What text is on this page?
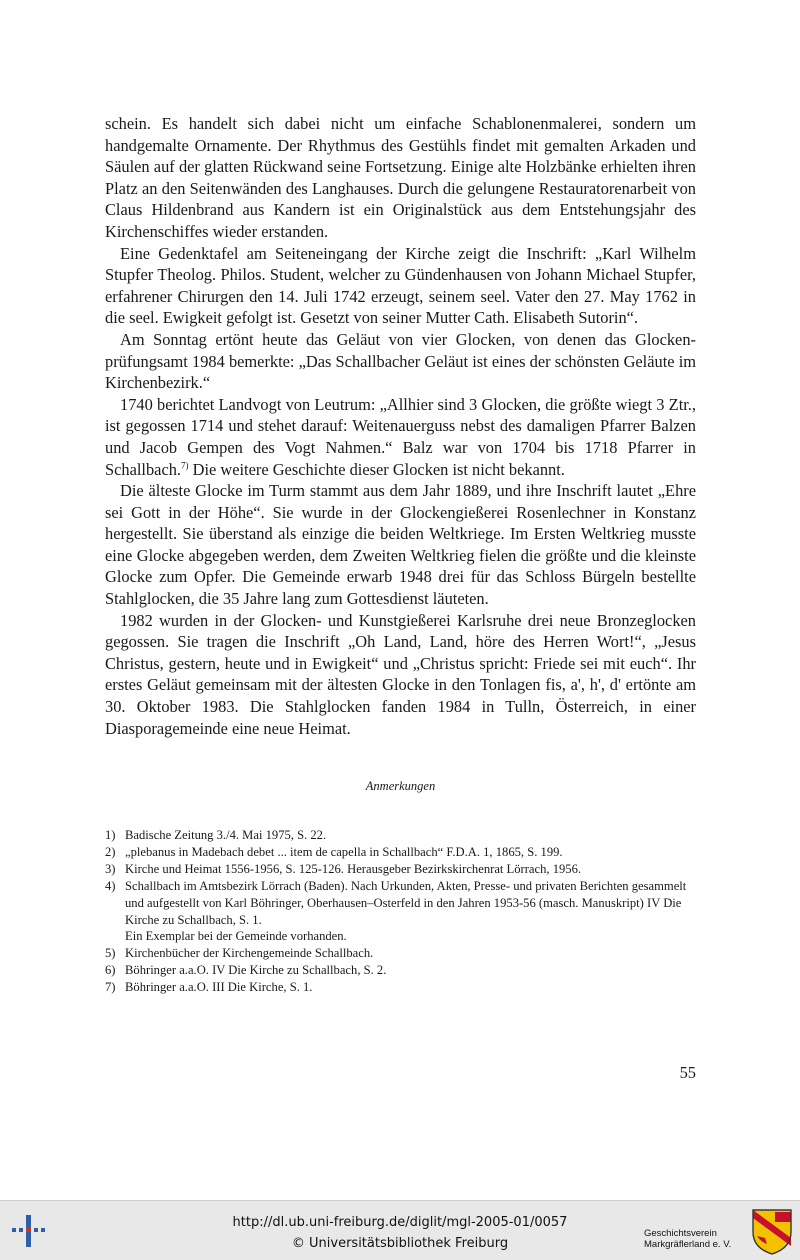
schein. Es handelt sich dabei nicht um einfache Schablonenmalerei, sondern um handgemalte Ornamente. Der Rhythmus des Gestühls findet mit gemalten Arkaden und Säulen auf der glatten Rückwand seine Fortsetzung. Einige alte Holzbänke erhielten ihren Platz an den Seitenwänden des Langhauses. Durch die gelungene Restauratorenarbeit von Claus Hildenbrand aus Kandern ist ein Originalstück aus dem Entstehungsjahr des Kirchenschiffes wieder erstanden.

Eine Gedenktafel am Seiteneingang der Kirche zeigt die Inschrift: „Karl Wilhelm Stupfer Theolog. Philos. Student, welcher zu Gündenhausen von Johann Michael Stupfer, erfahrener Chirurgen den 14. Juli 1742 erzeugt, seinem seel. Vater den 27. May 1762 in die seel. Ewigkeit gefolgt ist. Gesetzt von seiner Mutter Cath. Elisabeth Sutorin“.

Am Sonntag ertönt heute das Geläut von vier Glocken, von denen das Glockenprüfungsamt 1984 bemerkte: „Das Schallbacher Geläut ist eines der schönsten Geläute im Kirchenbezirk.“

1740 berichtet Landvogt von Leutrum: „Allhier sind 3 Glocken, die größte wiegt 3 Ztr., ist gegossen 1714 und stehet darauf: Weitenauerguss nebst des damaligen Pfarrer Balzen und Jacob Gempen des Vogt Nahmen.“ Balz war von 1704 bis 1718 Pfarrer in Schallbach.$^{7)}$ Die weitere Geschichte dieser Glocken ist nicht bekannt.

Die älteste Glocke im Turm stammt aus dem Jahr 1889, und ihre Inschrift lautet „Ehre sei Gott in der Höhe“. Sie wurde in der Glockengießerei Rosenlechner in Konstanz hergestellt. Sie überstand als einzige die beiden Weltkriege. Im Ersten Weltkrieg musste eine Glocke abgegeben werden, dem Zweiten Weltkrieg fielen die größte und die kleinste Glocke zum Opfer. Die Gemeinde erwarb 1948 drei für das Schloss Bürgeln bestellte Stahlglocken, die 35 Jahre lang zum Gottesdienst läuteten.

1982 wurden in der Glocken- und Kunstgießerei Karlsruhe drei neue Bronzeglocken gegossen. Sie tragen die Inschrift „Oh Land, Land, höre des Herren Wort!“, „Jesus Christus, gestern, heute und in Ewigkeit“ und „Christus spricht: Friede sei mit euch“. Ihr erstes Geläut gemeinsam mit der ältesten Glocke in den Tonlagen fis, a', h', d' ertönte am 30. Oktober 1983. Die Stahlglocken fanden 1984 in Tulln, Österreich, in einer Diasporagemeinde eine neue Heimat.

Anmerkungen
1) Badische Zeitung 3./4. Mai 1975, S. 22.
2) „plebanus in Madebach debet ... item de capella in Schallbach“ F.D.A. 1, 1865, S. 199.
3) Kirche und Heimat 1556-1956, S. 125-126. Herausgeber Bezirkskirchenrat Lörrach, 1956.
4) Schallbach im Amtsbezirk Lörrach (Baden). Nach Urkunden, Akten, Presse- und privaten Berichten gesammelt und aufgestellt von Karl Böhringer, Oberhausen–Osterfeld in den Jahren 1953-56 (masch. Manuskript) IV Die Kirche zu Schallbach, S. 1.
Ein Exemplar bei der Gemeinde vorhanden.
5) Kirchenbücher der Kirchengemeinde Schallbach.
6) Böhringer a.a.O. IV Die Kirche zu Schallbach, S. 2.
7) Böhringer a.a.O. III Die Kirche, S. 1.
55
http://dl.ub.uni-freiburg.de/diglit/mgl-2005-01/0057
© Universitätsbibliothek Freiburg
Geschichtsverein
Markgräflerland e. V.
